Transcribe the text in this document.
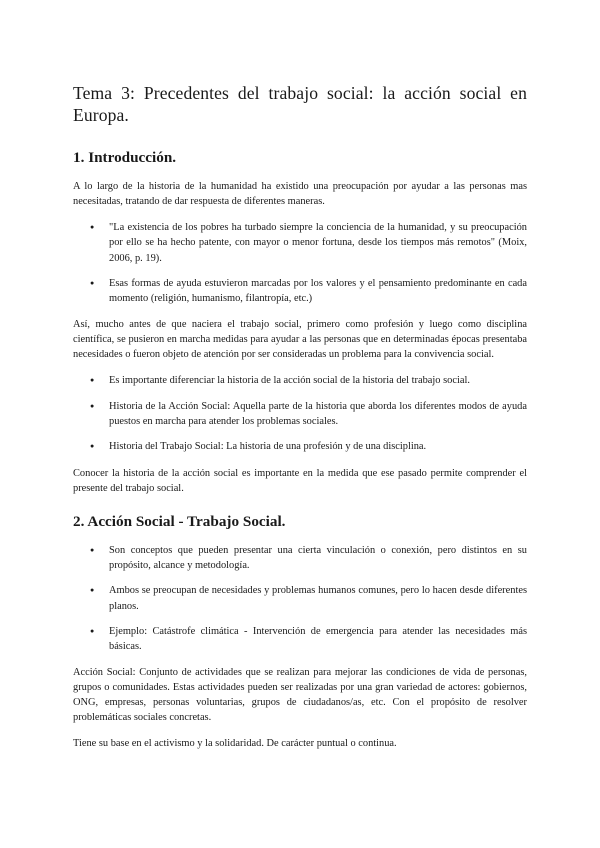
Tema 3: Precedentes del trabajo social: la acción social en Europa.
1. Introducción.

A lo largo de la historia de la humanidad ha existido una preocupación por ayudar a las personas mas necesitadas, tratando de dar respuesta de diferentes maneras.

● "La existencia de los pobres ha turbado siempre la conciencia de la humanidad, y su preocupación por ello se ha hecho patente, con mayor o menor fortuna, desde los tiempos más remotos" (Moix, 2006, p. 19).
● Esas formas de ayuda estuvieron marcadas por los valores y el pensamiento predominante en cada momento (religión, humanismo, filantropía, etc.)

Así, mucho antes de que naciera el trabajo social, primero como profesión y luego como disciplina científica, se pusieron en marcha medidas para ayudar a las personas que en determinadas épocas presentaba necesidades o fueron objeto de atención por ser consideradas un problema para la convivencia social.

● Es importante diferenciar la historia de la acción social de la historia del trabajo social.
● Historia de la Acción Social: Aquella parte de la historia que aborda los diferentes modos de ayuda puestos en marcha para atender los problemas sociales.
● Historia del Trabajo Social: La historia de una profesión y de una disciplina.

Conocer la historia de la acción social es importante en la medida que ese pasado permite comprender el presente del trabajo social.

2. Acción Social - Trabajo Social.
● Son conceptos que pueden presentar una cierta vinculación o conexión, pero distintos en su propósito, alcance y metodología.
● Ambos se preocupan de necesidades y problemas humanos comunes, pero lo hacen desde diferentes planos.
● Ejemplo: Catástrofe climática - Intervención de emergencia para atender las necesidades más básicas.

Acción Social: Conjunto de actividades que se realizan para mejorar las condiciones de vida de personas, grupos o comunidades. Estas actividades pueden ser realizadas por una gran variedad de actores: gobiernos, ONG, empresas, personas voluntarias, grupos de ciudadanos/as, etc. Con el propósito de resolver problemáticas sociales concretas.

Tiene su base en el activismo y la solidaridad. De carácter puntual o continua.
